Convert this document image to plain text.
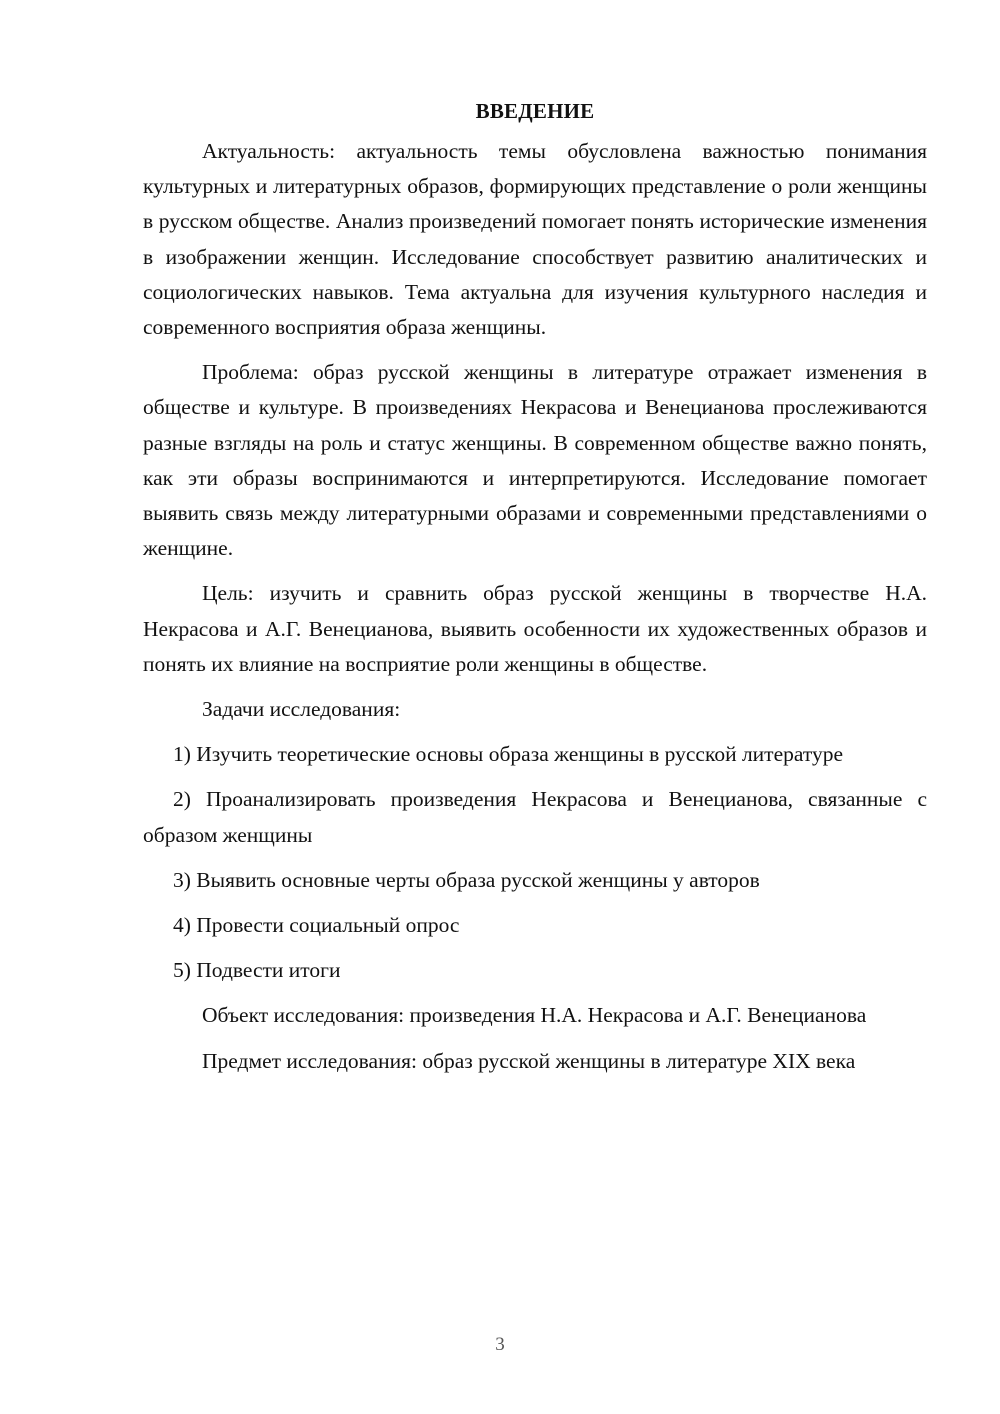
ВВЕДЕНИЕ

Актуальность: актуальность темы обусловлена важностью понимания культурных и литературных образов, формирующих представление о роли женщины в русском обществе. Анализ произведений помогает понять исторические изменения в изображении женщин. Исследование способствует развитию аналитических и социологических навыков. Тема актуальна для изучения культурного наследия и современного восприятия образа женщины.

Проблема: образ русской женщины в литературе отражает изменения в обществе и культуре. В произведениях Некрасова и Венецианова прослеживаются разные взгляды на роль и статус женщины. В современном обществе важно понять, как эти образы воспринимаются и интерпретируются. Исследование помогает выявить связь между литературными образами и современными представлениями о женщине.

Цель: изучить и сравнить образ русской женщины в творчестве Н.А. Некрасова и А.Г. Венецианова, выявить особенности их художественных образов и понять их влияние на восприятие роли женщины в обществе.

Задачи исследования:

1) Изучить теоретические основы образа женщины в русской литературе

2) Проанализировать произведения Некрасова и Венецианова, связанные с образом женщины

3) Выявить основные черты образа русской женщины у авторов

4) Провести социальный опрос

5) Подвести итоги

Объект исследования: произведения Н.А. Некрасова и А.Г. Венецианова

Предмет исследования: образ русской женщины в литературе XIX века

3
